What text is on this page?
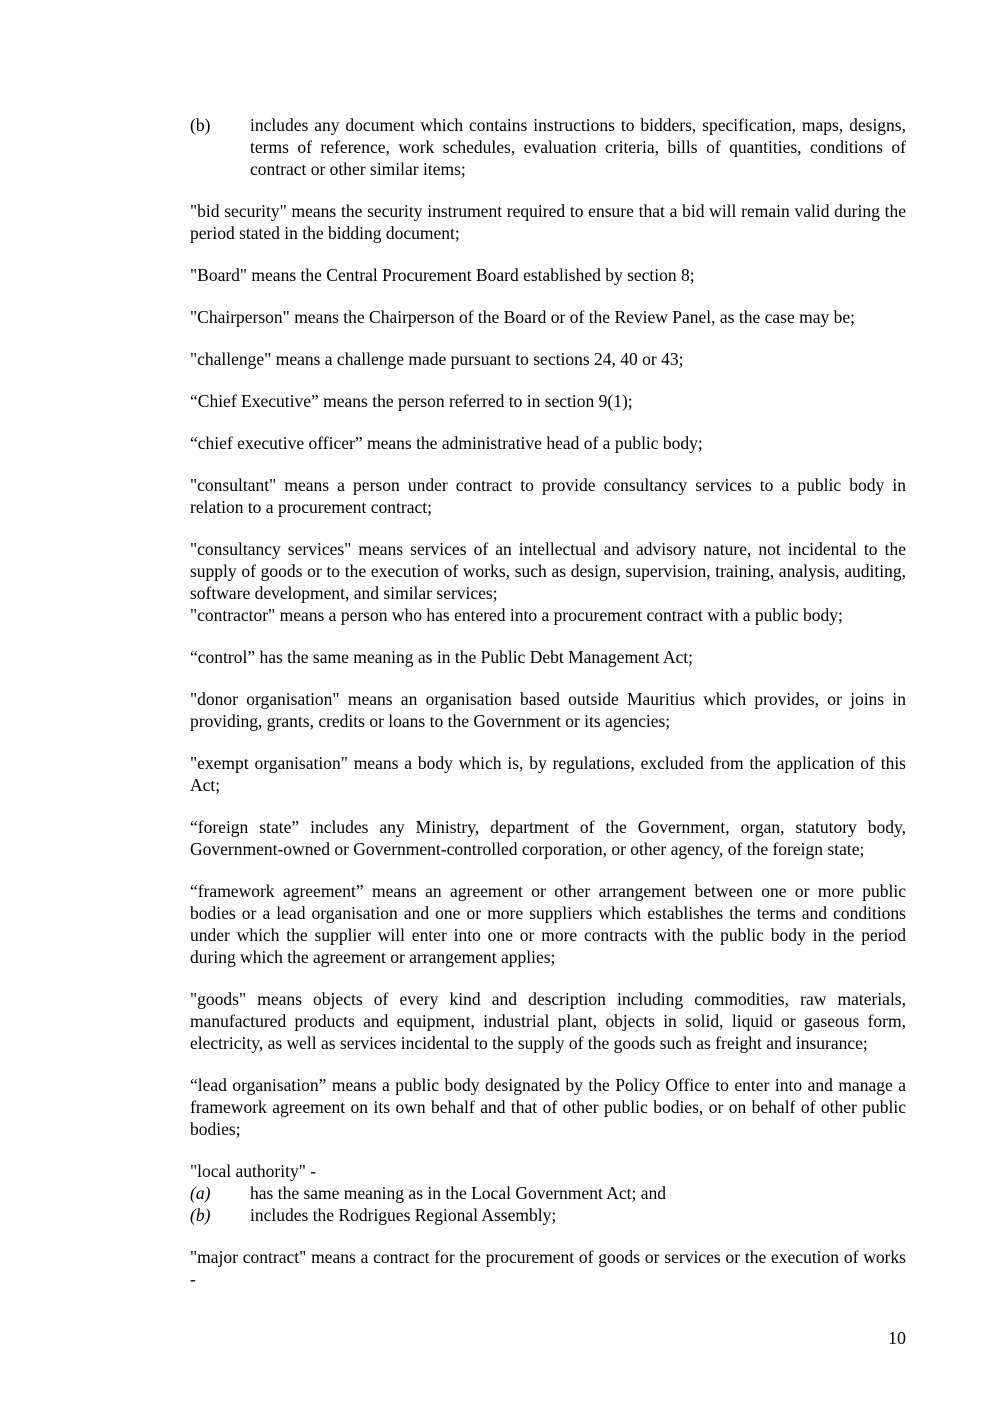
(b) includes any document which contains instructions to bidders, specification, maps, designs, terms of reference, work schedules, evaluation criteria, bills of quantities, conditions of contract or other similar items;
"bid security" means the security instrument required to ensure that a bid will remain valid during the period stated in the bidding document;
"Board" means the Central Procurement Board established by section 8;
"Chairperson" means the Chairperson of the Board or of the Review Panel, as the case may be;
"challenge" means a challenge made pursuant to sections 24, 40 or 43;
“Chief Executive” means the person referred to in section 9(1);
“chief executive officer” means the administrative head of a public body;
"consultant" means a person under contract to provide consultancy services to a public body in relation to a procurement contract;
"consultancy services" means services of an intellectual and advisory nature, not incidental to the supply of goods or to the execution of works, such as design, supervision, training, analysis, auditing, software development, and similar services;
"contractor" means a person who has entered into a procurement contract with a public body;
“control” has the same meaning as in the Public Debt Management Act;
"donor organisation" means an organisation based outside Mauritius which provides, or joins in providing, grants, credits or loans to the Government or its agencies;
"exempt organisation" means a body which is, by regulations, excluded from the application of this Act;
“foreign state” includes any Ministry, department of the Government, organ, statutory body, Government-owned or Government-controlled corporation, or other agency, of the foreign state;
“framework agreement” means an agreement or other arrangement between one or more public bodies or a lead organisation and one or more suppliers which establishes the terms and conditions under which the supplier will enter into one or more contracts with the public body in the period during which the agreement or arrangement applies;
"goods" means objects of every kind and description including commodities, raw materials, manufactured products and equipment, industrial plant, objects in solid, liquid or gaseous form, electricity, as well as services incidental to the supply of the goods such as freight and insurance;
“lead organisation” means a public body designated by the Policy Office to enter into and manage a framework agreement on its own behalf and that of other public bodies, or on behalf of other public bodies;
"local authority" -
(a) has the same meaning as in the Local Government Act; and
(b) includes the Rodrigues Regional Assembly;
"major contract" means a contract for the procurement of goods or services or the execution of works -
10
